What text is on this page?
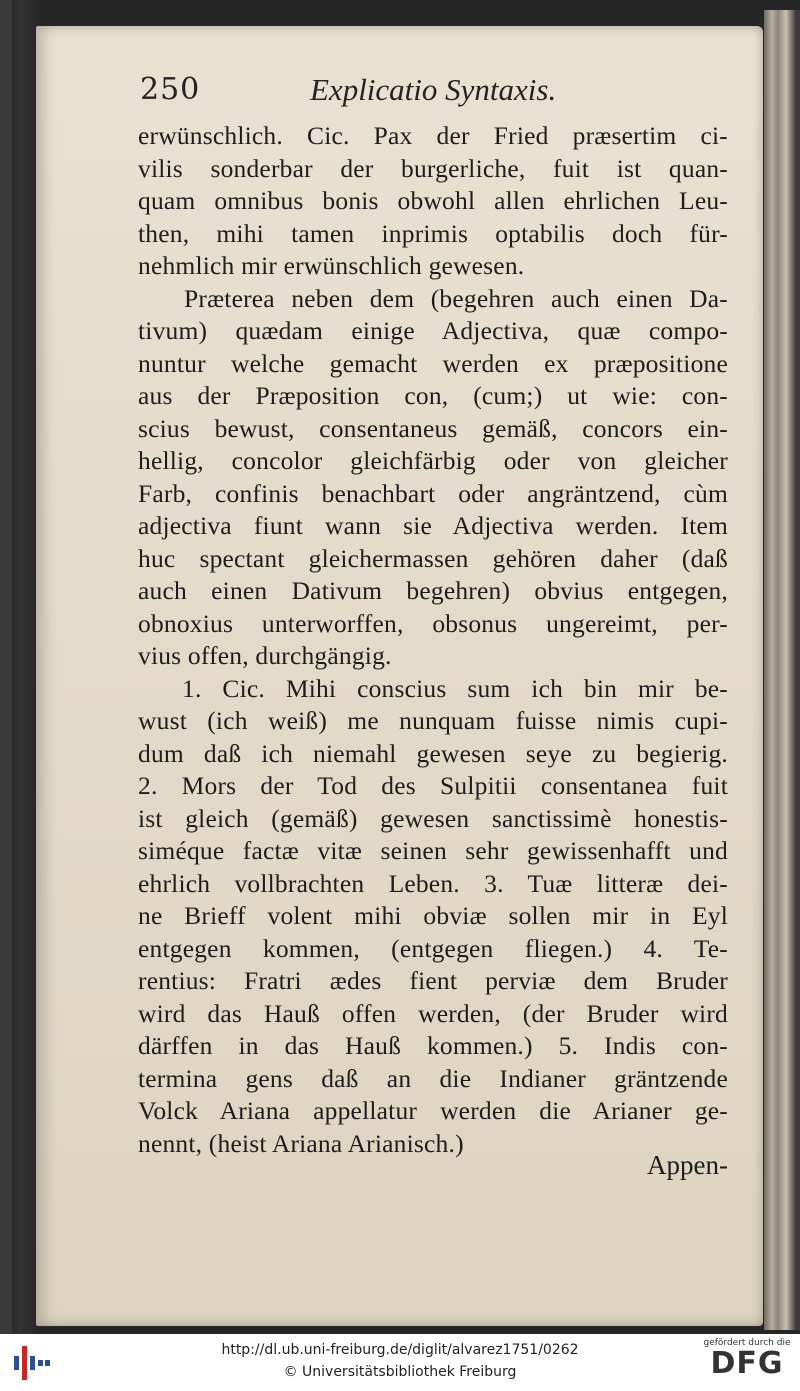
250	Explicatio Syntaxis.
erwünschlich. Cic. Pax der Fried præsertim ci-
vilis sonderbar der burgerliche, fuit ist quan-
quam omnibus bonis obwohl allen ehrlichen Leu-
then, mihi tamen inprimis optabilis doch für-
nehmlich mir erwünschlich gewesen.
Præterea neben dem (begehren auch einen Da-
tivum) quædam einige Adjectiva, quæ compo-
nuntur welche gemacht werden ex præpositione
aus der Præposition con, (cum;) ut wie: con-
scius bewust, consentaneus gemäß, concors ein-
hellig, concolor gleichfärbig oder von gleicher
Farb, confinis benachbart oder angräntzend, cùm
adjectiva fiunt wann sie Adjectiva werden. Item
huc spectant gleichermassen gehören daher (daß
auch einen Dativum begehren) obvius entgegen,
obnoxius unterworffen, obsonus ungereimt, per-
vius offen, durchgängig.
1. Cic. Mihi conscius sum ich bin mir be-
wust (ich weiß) me nunquam fuisse nimis cupi-
dum daß ich niemahl gewesen seye zu begierig.
2. Mors der Tod des Sulpitii consentanea fuit
ist gleich (gemäß) gewesen sanctissimè honestis-
siméque factæ vitæ seinen sehr gewissenhafft und
ehrlich vollbrachten Leben. 3. Tuæ litteræ dei-
ne Brieff volent mihi obviæ sollen mir in Eyl
entgegen kommen, (entgegen fliegen.) 4. Te-
rentius: Fratri ædes fient perviæ dem Bruder
wird das Hauß offen werden, (der Bruder wird
därffen in das Hauß kommen.) 5. Indis con-
termina gens daß an die Indianer gräntzende
Volck Ariana appellatur werden die Arianer ge-
nennt, (heist Ariana Arianisch.)
Appen-
http://dl.ub.uni-freiburg.de/diglit/alvarez1751/0262
© Universitätsbibliothek Freiburg
gefördert durch die
DFG
